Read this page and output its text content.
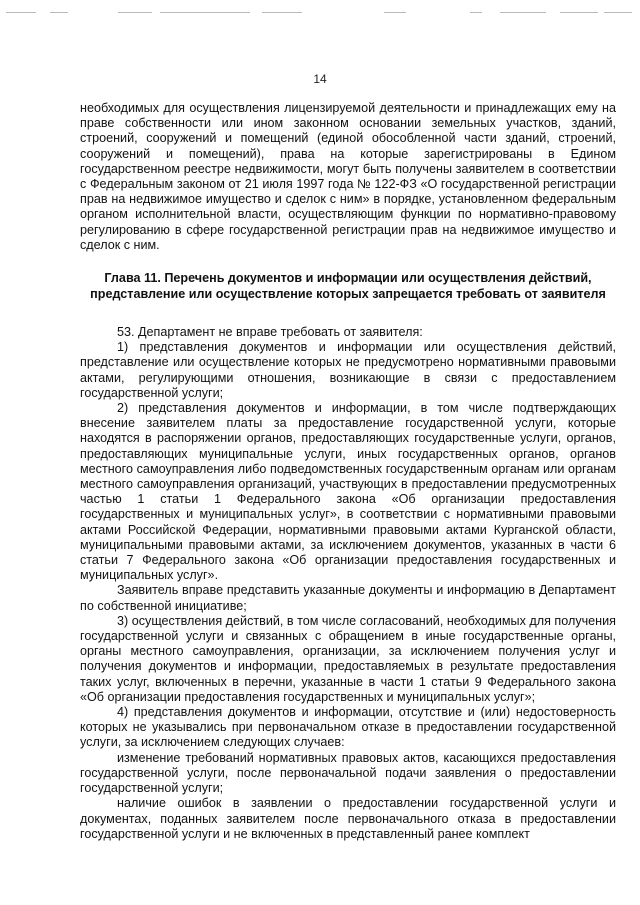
14

необходимых для осуществления лицензируемой деятельности и принадлежащих ему на праве собственности или ином законном основании земельных участков, зданий, строений, сооружений и помещений (единой обособленной части зданий, строений, сооружений и помещений), права на которые зарегистрированы в Едином государственном реестре недвижимости, могут быть получены заявителем в соответствии с Федеральным законом от 21 июля 1997 года № 122-ФЗ «О государственной регистрации прав на недвижимое имущество и сделок с ним» в порядке, установленном федеральным органом исполнительной власти, осуществляющим функции по нормативно-правовому регулированию в сфере государственной регистрации прав на недвижимое имущество и сделок с ним.

Глава 11. Перечень документов и информации или осуществления действий,
представление или осуществление которых запрещается требовать от заявителя

53. Департамент не вправе требовать от заявителя:

1) представления документов и информации или осуществления действий, представление или осуществление которых не предусмотрено нормативными правовыми актами, регулирующими отношения, возникающие в связи с предоставлением государственной услуги;

2) представления документов и информации, в том числе подтверждающих внесение заявителем платы за предоставление государственной услуги, которые находятся в распоряжении органов, предоставляющих государственные услуги, органов, предоставляющих муниципальные услуги, иных государственных органов, органов местного самоуправления либо подведомственных государственным органам или органам местного самоуправления организаций, участвующих в предоставлении предусмотренных частью 1 статьи 1 Федерального закона «Об организации предоставления государственных и муниципальных услуг», в соответствии с нормативными правовыми актами Российской Федерации, нормативными правовыми актами Курганской области, муниципальными правовыми актами, за исключением документов, указанных в части 6 статьи 7 Федерального закона «Об организации предоставления государственных и муниципальных услуг».

Заявитель вправе представить указанные документы и информацию в Департамент по собственной инициативе;

3) осуществления действий, в том числе согласований, необходимых для получения государственной услуги и связанных с обращением в иные государственные органы, органы местного самоуправления, организации, за исключением получения услуг и получения документов и информации, предоставляемых в результате предоставления таких услуг, включенных в перечни, указанные в части 1 статьи 9 Федерального закона «Об организации предоставления государственных и муниципальных услуг»;

4) представления документов и информации, отсутствие и (или) недостоверность которых не указывались при первоначальном отказе в предоставлении государственной услуги, за исключением следующих случаев:

изменение требований нормативных правовых актов, касающихся предоставления государственной услуги, после первоначальной подачи заявления о предоставлении государственной услуги;

наличие ошибок в заявлении о предоставлении государственной услуги и документах, поданных заявителем после первоначального отказа в предоставлении государственной услуги и не включенных в представленный ранее комплект
